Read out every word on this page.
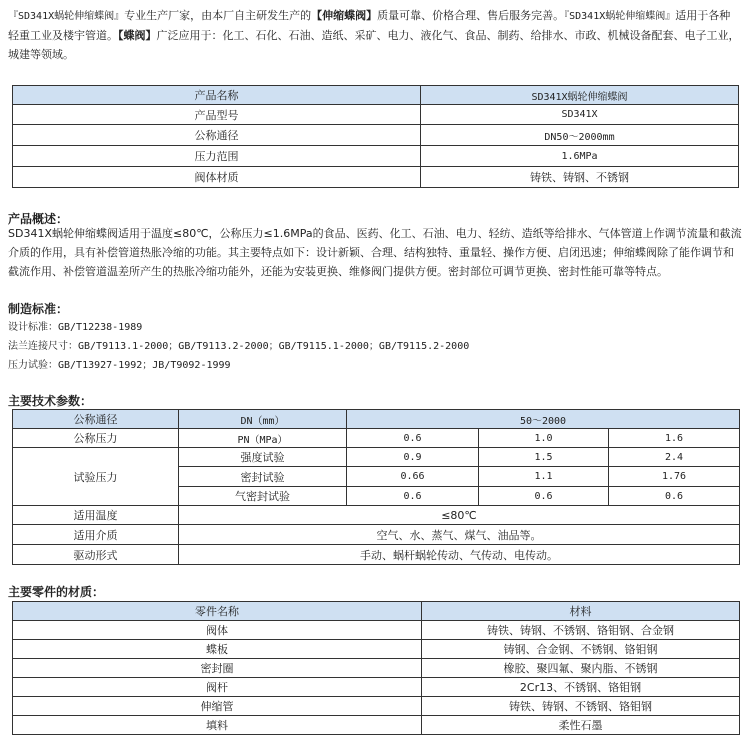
『SD341X蜗轮伸缩蝶阀』专业生产厂家，由本厂自主研发生产的【伸缩蝶阀】质量可靠、价格合理、售后服务完善。『SD341X蜗轮伸缩蝶阀』适用于各种轻重工业及楼宇管道。【蝶阀】广泛应用于：化工、石化、石油、造纸、采矿、电力、液化气、食品、制药、给排水、市政、机械设备配套、电子工业，城建等领域。

产品名称	SD341X蜗轮伸缩蝶阀
产品型号	SD341X
公称通径	DN50～2000mm
压力范围	1.6MPa
阀体材质	铸铁、铸钢、不锈钢

产品概述：

SD341X蜗轮伸缩蝶阀适用于温度≤80℃，公称压力≤1.6MPa的食品、医药、化工、石油、电力、轻纺、造纸等给排水、气体管道上作调节流量和截流介质的作用，具有补偿管道热胀冷缩的功能。其主要特点如下：设计新颖、合理、结构独特、重量轻、操作方便、启闭迅速；伸缩蝶阀除了能作调节和截流作用、补偿管道温差所产生的热胀冷缩功能外，还能为安装更换、维修阀门提供方便。密封部位可调节更换、密封性能可靠等特点。

制造标准：

设计标准：GB/T12238-1989

法兰连接尺寸：GB/T9113.1-2000；GB/T9113.2-2000；GB/T9115.1-2000；GB/T9115.2-2000

压力试验：GB/T13927-1992；JB/T9092-1999

主要技术参数：

公称通径	DN（mm）	50～2000		
公称压力	PN（MPa）	0.6	1.0	1.6
试验压力	强度试验	0.9	1.5	2.4
	密封试验	0.66	1.1	1.76
	气密封试验	0.6	0.6	0.6
适用温度	≤80℃			
适用介质	空气、水、蒸气、煤气、油品等。			
驱动形式	手动、蜗杆蜗轮传动、气传动、电传动。			

主要零件的材质：

零件名称	材料
阀体	铸铁、铸钢、不锈钢、铬钼钢、合金钢
蝶板	铸钢、合金钢、不锈钢、铬钼钢
密封圈	橡胶、聚四氟、聚内脂、不锈钢
阀杆	2Cr13、不锈钢、铬钼钢
伸缩管	铸铁、铸钢、不锈钢、铬钼钢
填料	柔性石墨
